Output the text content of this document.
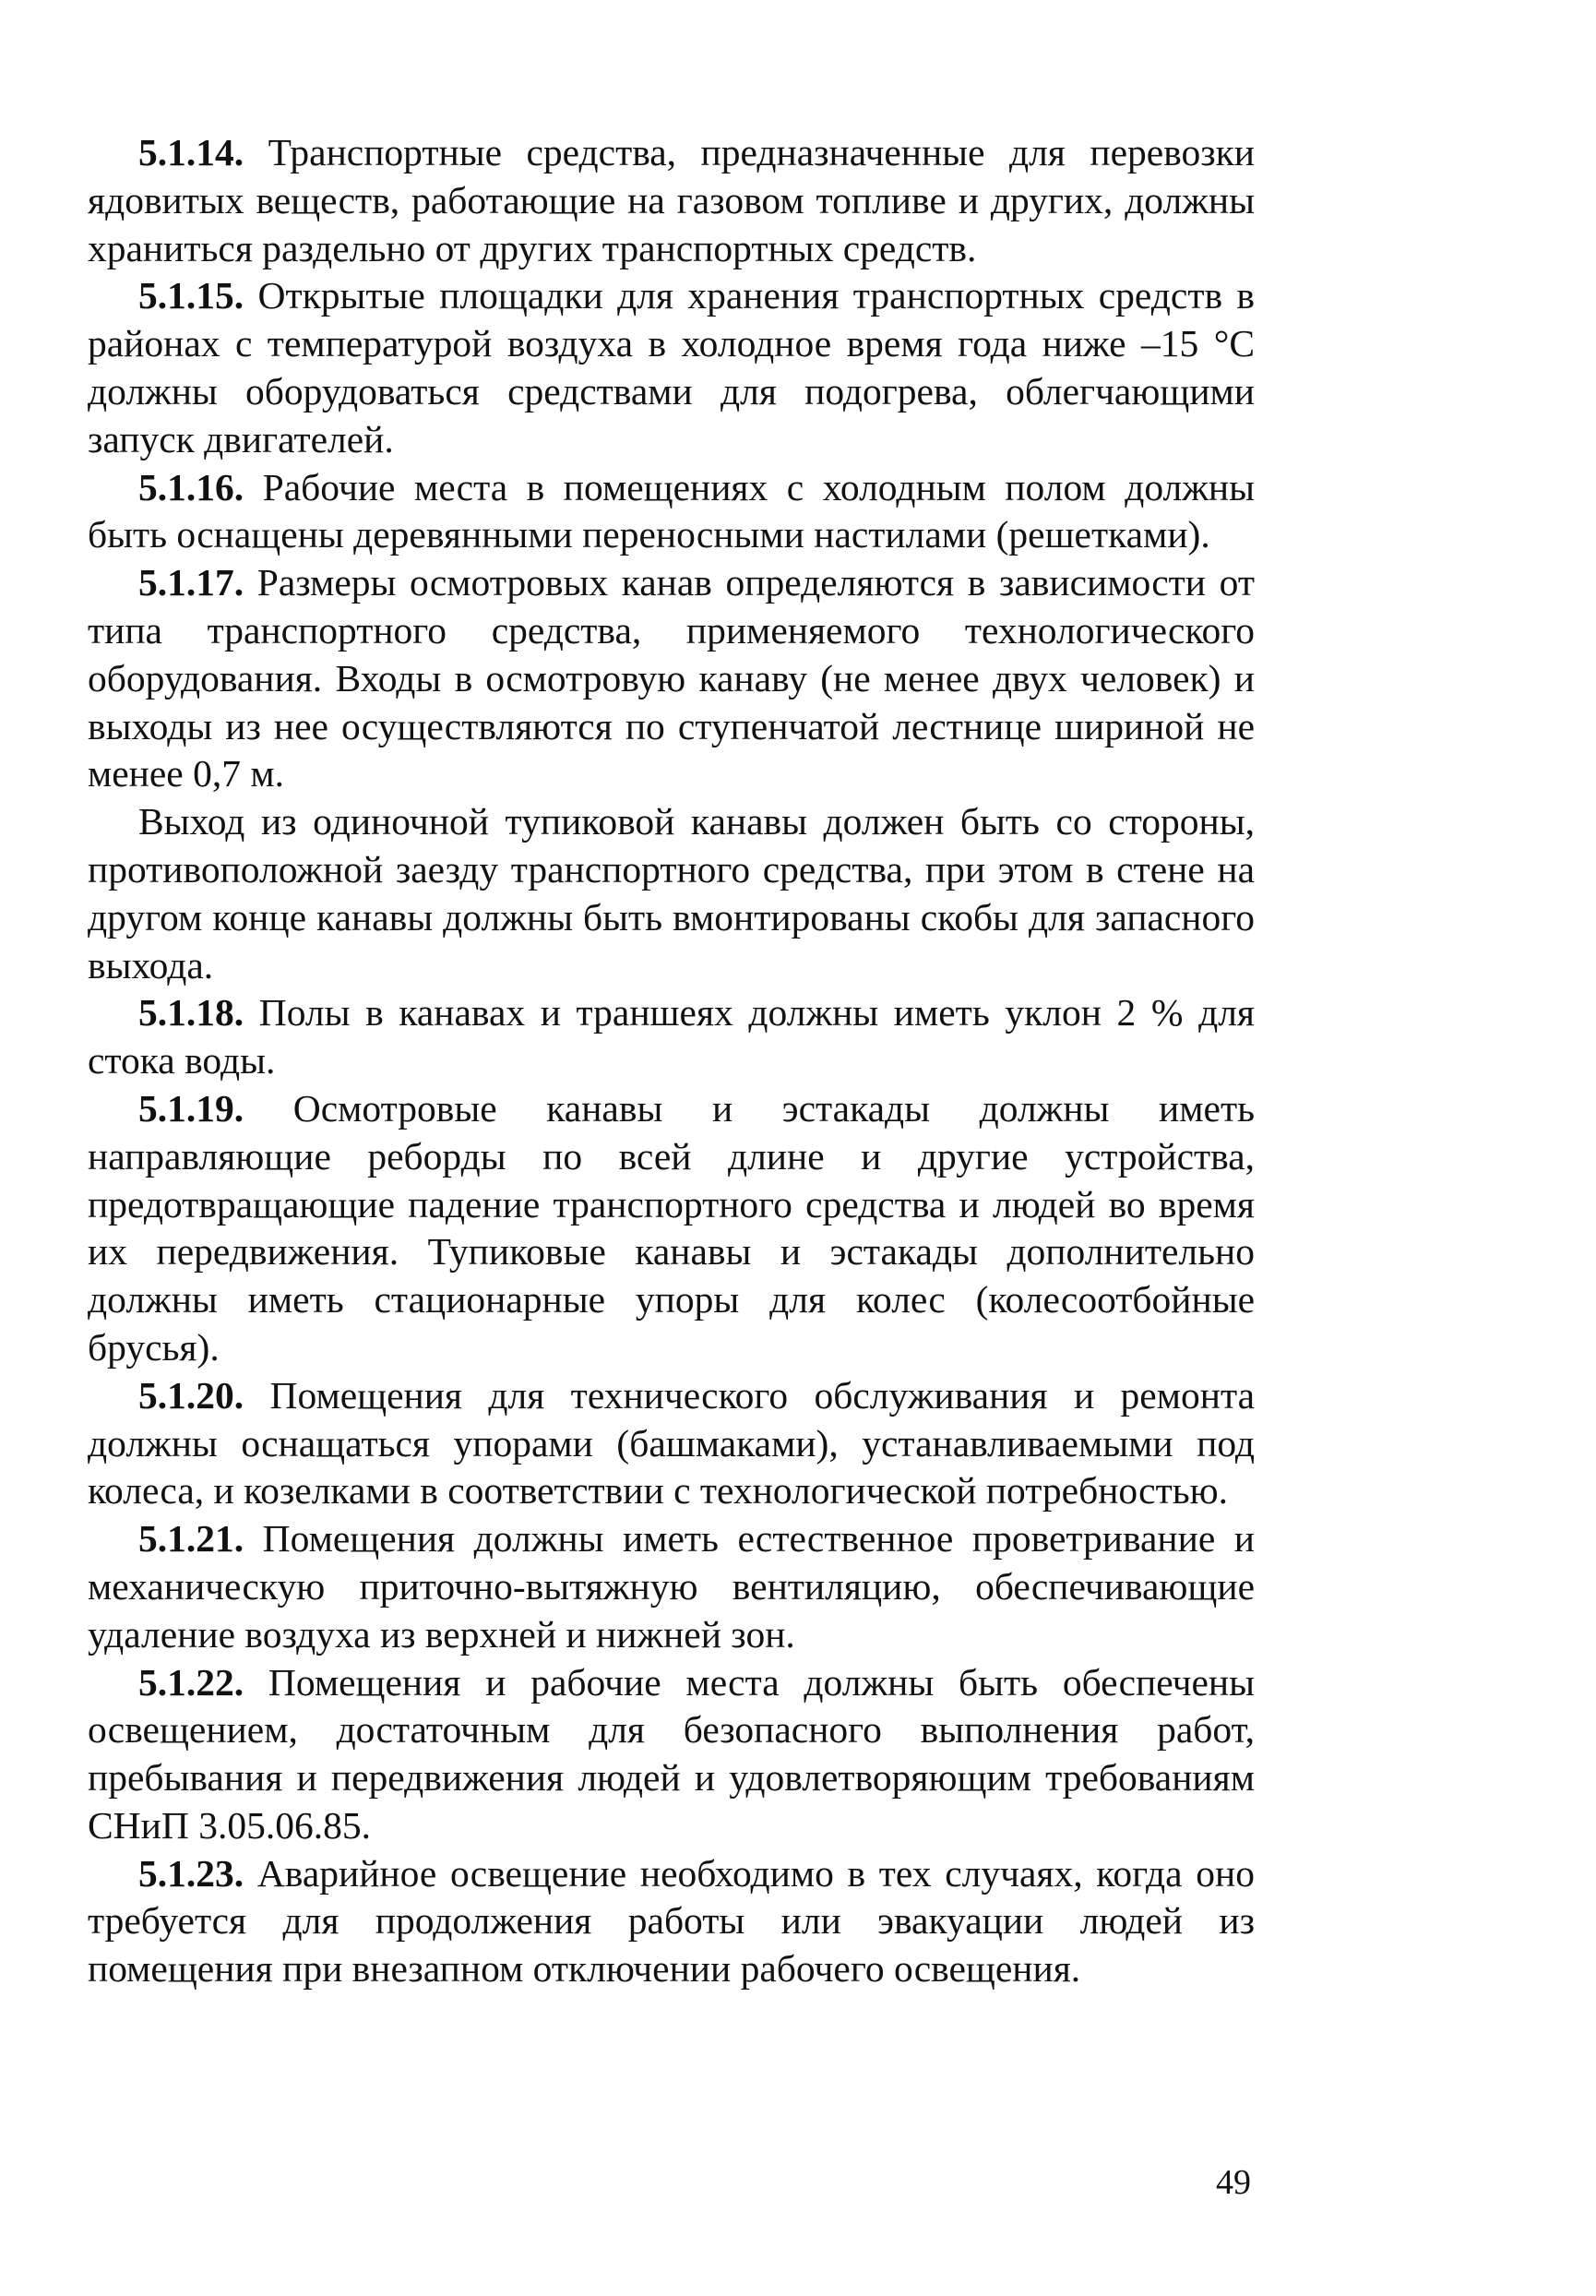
5.1.14. Транспортные средства, предназначенные для перевозки ядовитых веществ, работающие на газовом топливе и других, должны храниться раздельно от других транспортных средств.

5.1.15. Открытые площадки для хранения транспортных средств в районах с температурой воздуха в холодное время года ниже –15 °С должны оборудоваться средствами для подогрева, облегчающими запуск двигателей.

5.1.16. Рабочие места в помещениях с холодным полом должны быть оснащены деревянными переносными настилами (решетками).

5.1.17. Размеры осмотровых канав определяются в зависимости от типа транспортного средства, применяемого технологического оборудования. Входы в осмотровую канаву (не менее двух человек) и выходы из нее осуществляются по ступенчатой лестнице шириной не менее 0,7 м.

Выход из одиночной тупиковой канавы должен быть со стороны, противоположной заезду транспортного средства, при этом в стене на другом конце канавы должны быть вмонтированы скобы для запасного выхода.

5.1.18. Полы в канавах и траншеях должны иметь уклон 2 % для стока воды.

5.1.19. Осмотровые канавы и эстакады должны иметь направляющие реборды по всей длине и другие устройства, предотвращающие падение транспортного средства и людей во время их передвижения. Тупиковые канавы и эстакады дополнительно должны иметь стационарные упоры для колес (колесоотбойные брусья).

5.1.20. Помещения для технического обслуживания и ремонта должны оснащаться упорами (башмаками), устанавливаемыми под колеса, и козелками в соответствии с технологической потребностью.

5.1.21. Помещения должны иметь естественное проветривание и механическую приточно-вытяжную вентиляцию, обеспечивающие удаление воздуха из верхней и нижней зон.

5.1.22. Помещения и рабочие места должны быть обеспечены освещением, достаточным для безопасного выполнения работ, пребывания и передвижения людей и удовлетворяющим требованиям СНиП 3.05.06.85.

5.1.23. Аварийное освещение необходимо в тех случаях, когда оно требуется для продолжения работы или эвакуации людей из помещения при внезапном отключении рабочего освещения.

49
